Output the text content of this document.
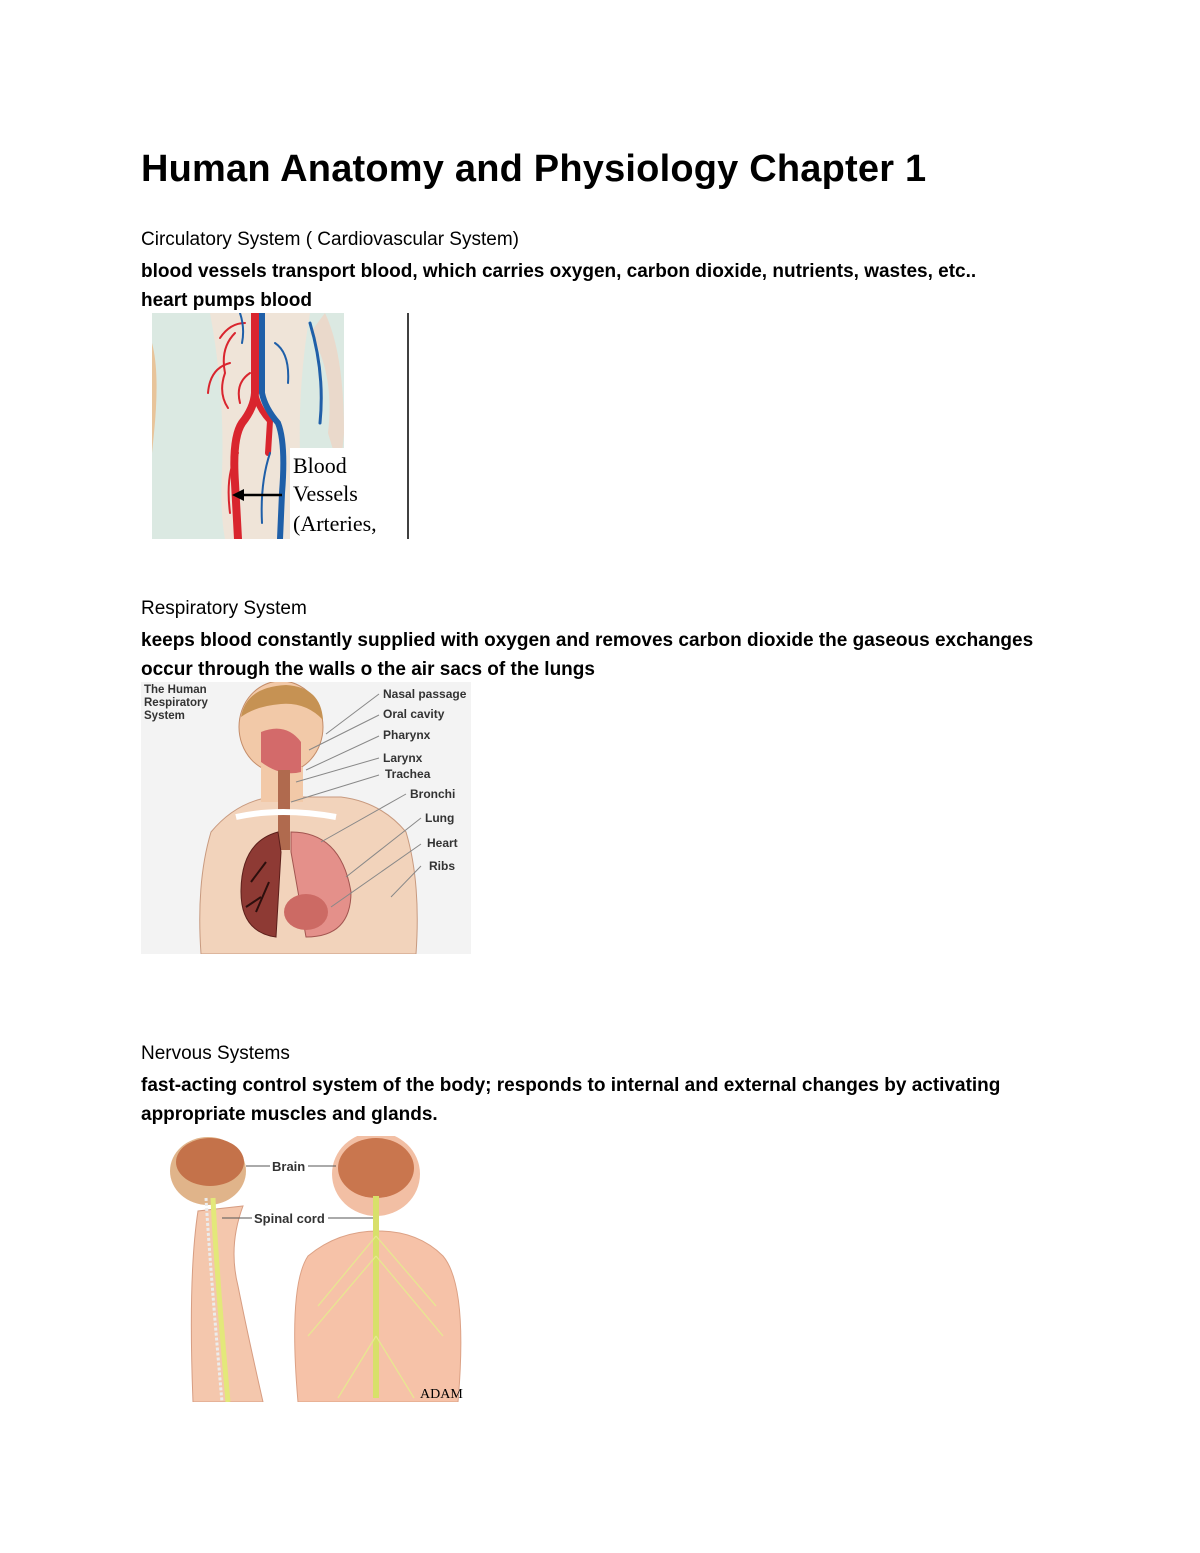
Human Anatomy and Physiology Chapter 1
Circulatory System ( Cardiovascular System)
blood vessels transport blood, which carries oxygen, carbon dioxide, nutrients, wastes, etc..
heart pumps blood
Blood
Vessels
(Arteries,
Respiratory System
keeps blood constantly supplied with oxygen and removes carbon dioxide the gaseous exchanges occur through the walls o the air sacs of the lungs
The Human
Respiratory
System
Nasal passage
Oral cavity
Pharynx
Larynx
Trachea
Bronchi
Lung
Heart
Ribs
Nervous Systems
fast-acting control system of the body; responds to internal and external changes by activating appropriate muscles and glands.
Brain
Spinal cord
ADAM
